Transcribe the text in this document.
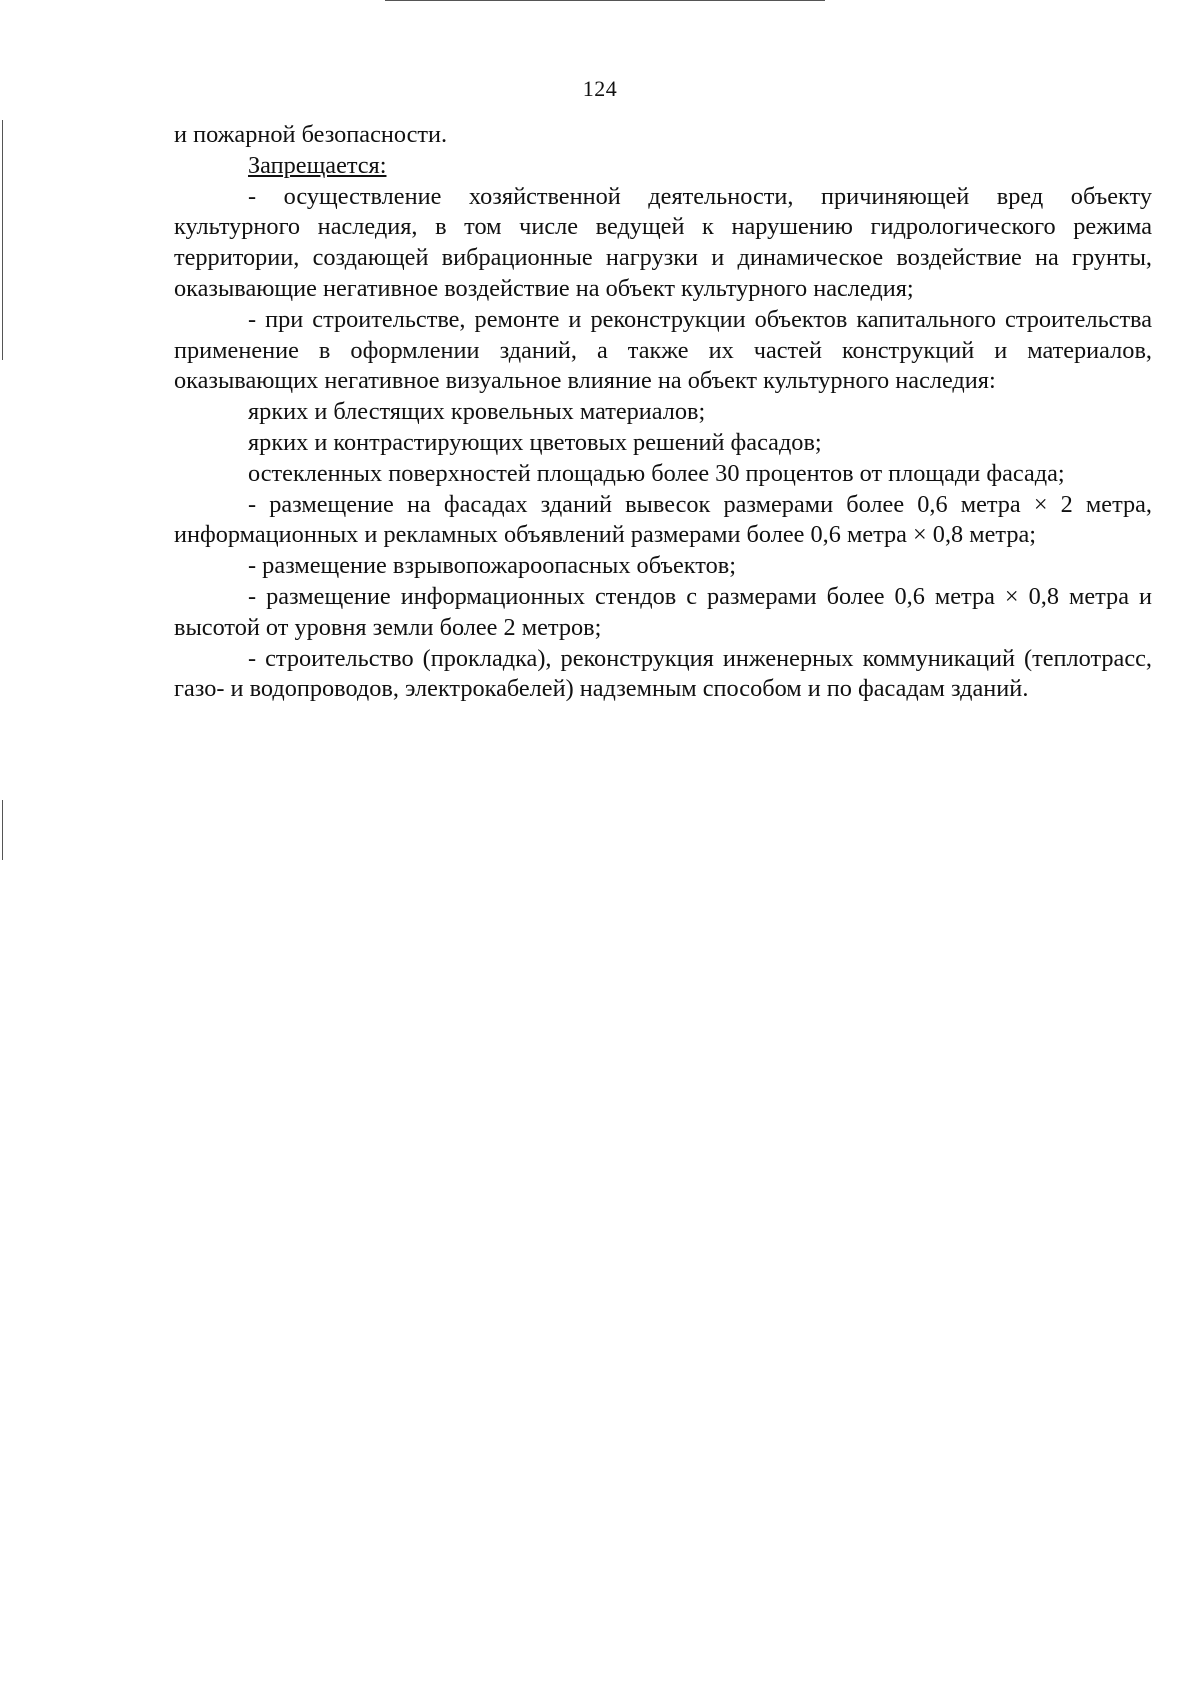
124

и пожарной безопасности.

Запрещается:

- осуществление хозяйственной деятельности, причиняющей вред объекту культурного наследия, в том числе ведущей к нарушению гидрологического режима территории, создающей вибрационные нагрузки и динамическое воздействие на грунты, оказывающие негативное воздействие на объект культурного наследия;

- при строительстве, ремонте и реконструкции объектов капитального строительства применение в оформлении зданий, а также их частей конструкций и материалов, оказывающих негативное визуальное влияние на объект культурного наследия:

ярких и блестящих кровельных материалов;

ярких и контрастирующих цветовых решений фасадов;

остекленных поверхностей площадью более 30 процентов от площади фасада;

- размещение на фасадах зданий вывесок размерами более 0,6 метра × 2 метра, информационных и рекламных объявлений размерами более 0,6 метра × 0,8 метра;

- размещение взрывопожароопасных объектов;

- размещение информационных стендов с размерами более 0,6 метра × 0,8 метра и высотой от уровня земли более 2 метров;

- строительство (прокладка), реконструкция инженерных коммуникаций (теплотрасс, газо- и водопроводов, электрокабелей) надземным способом и по фасадам зданий.
